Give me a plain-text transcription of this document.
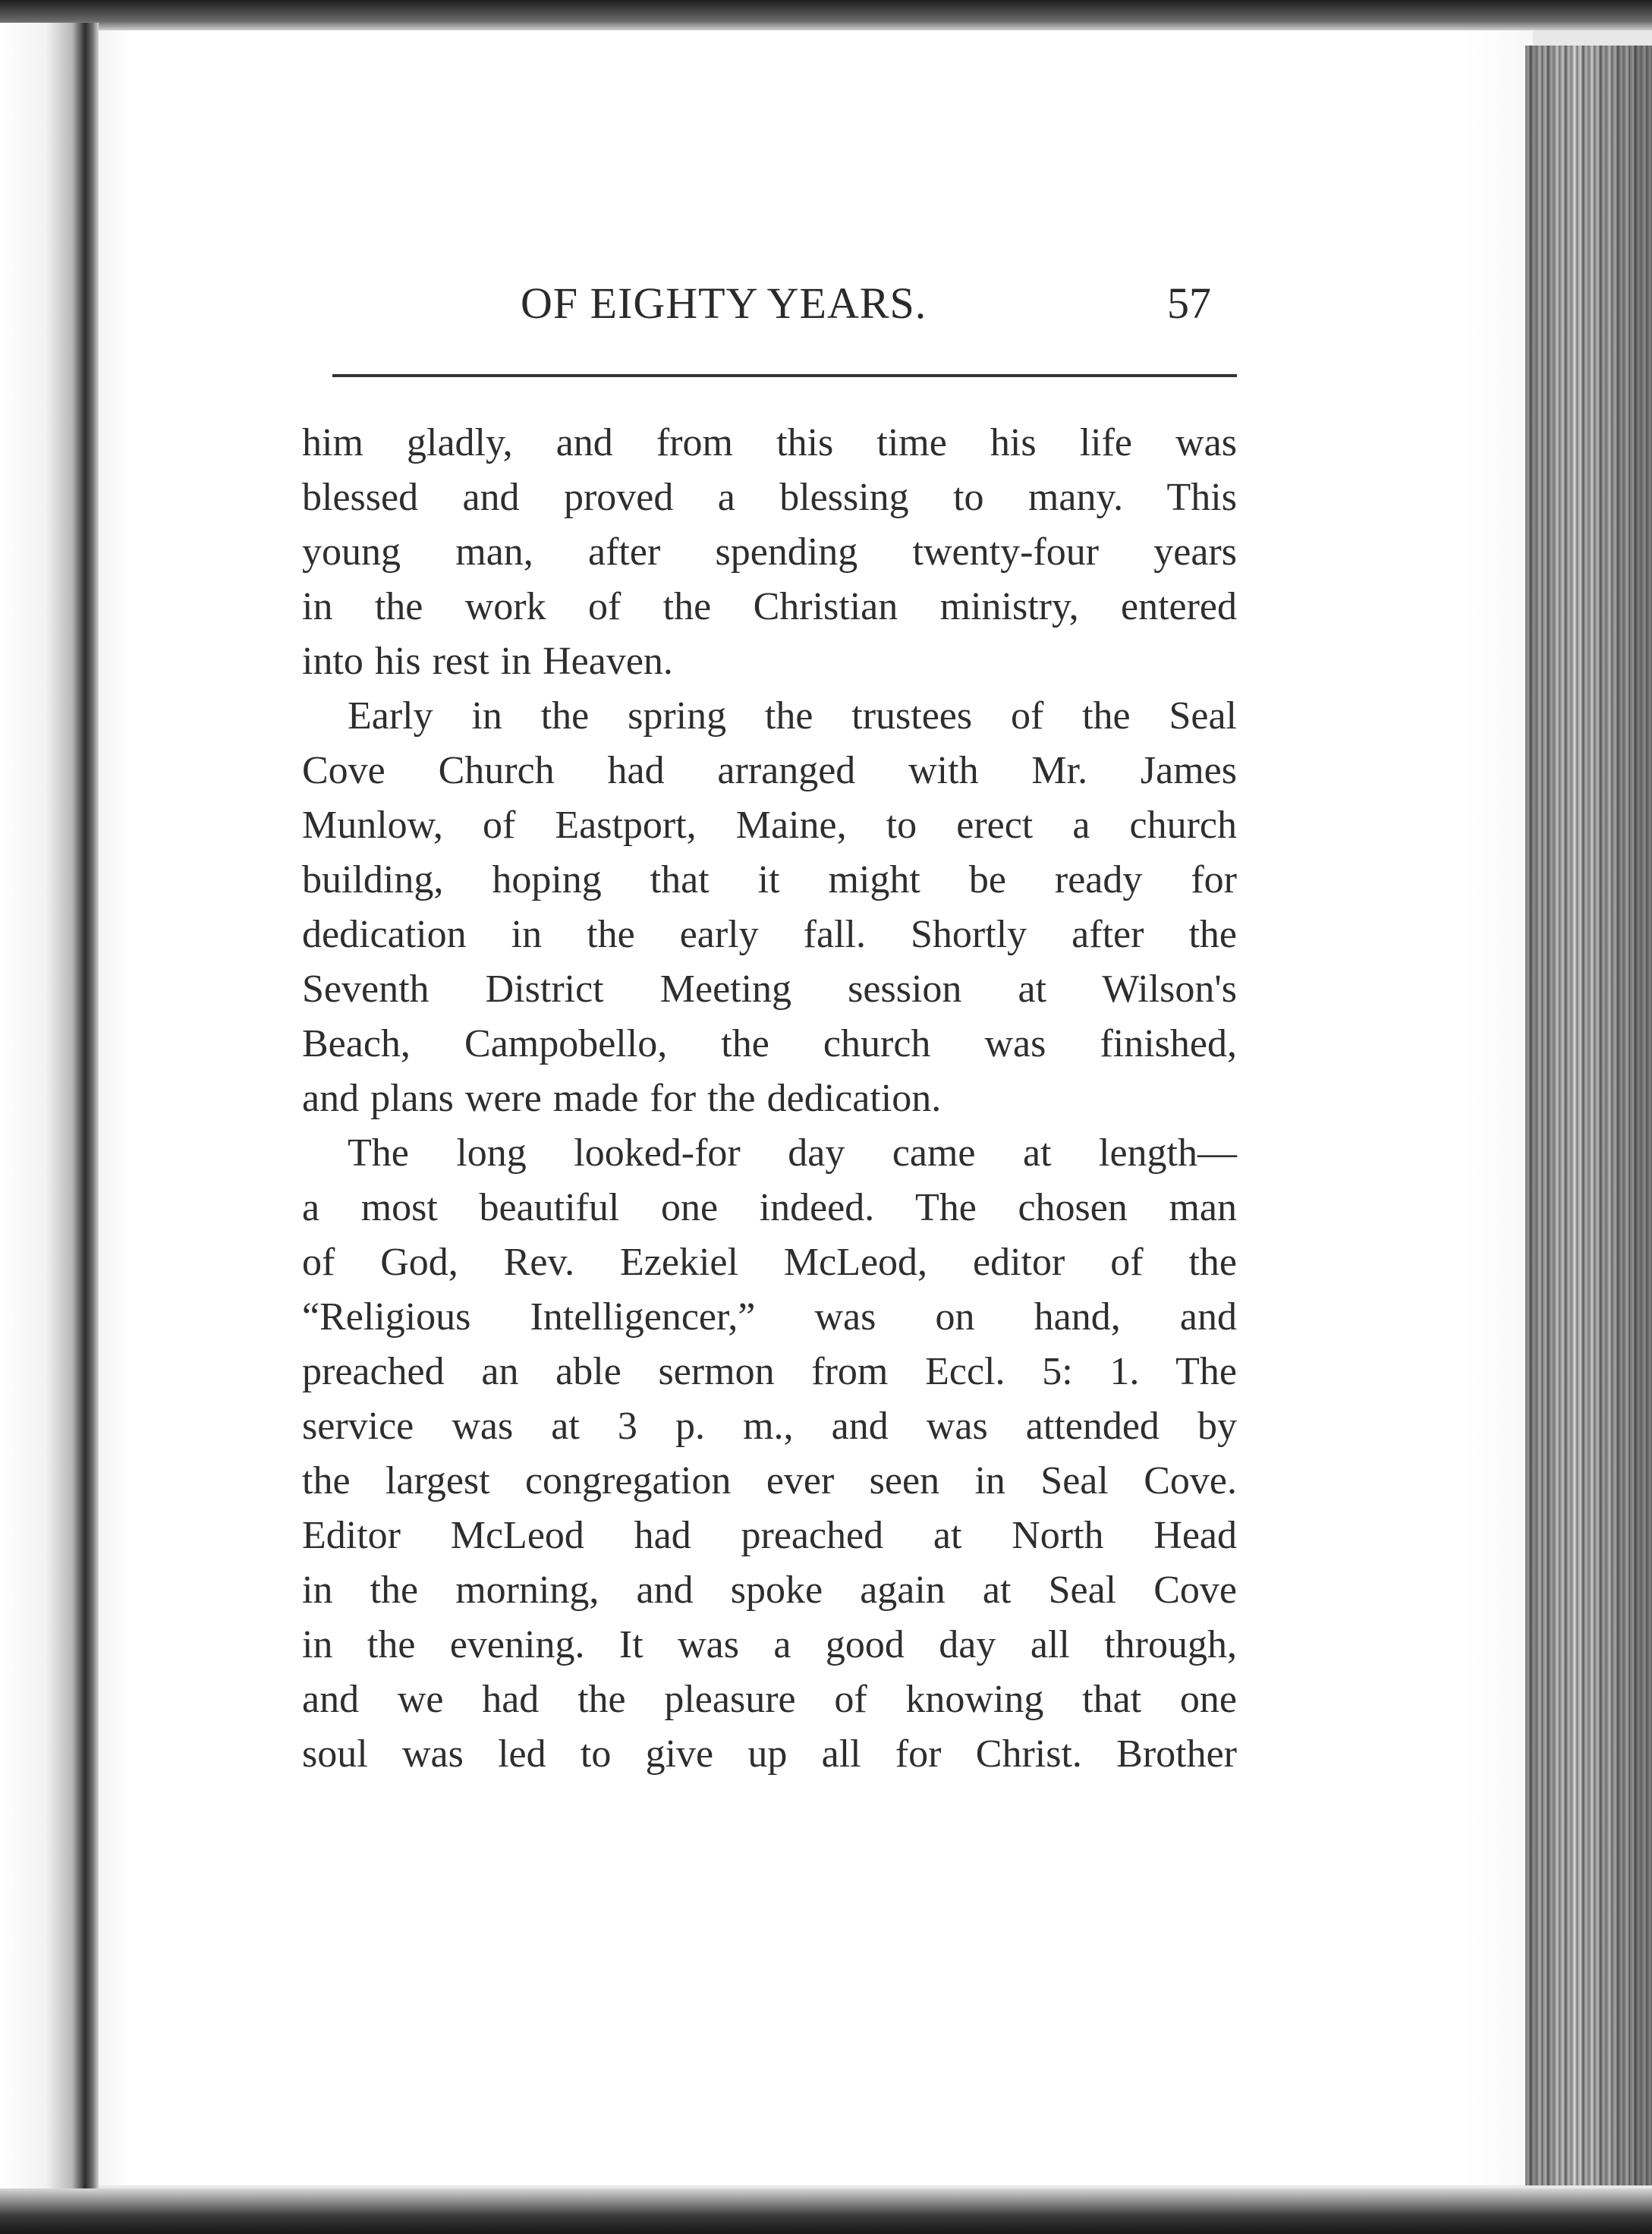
OF EIGHTY YEARS.	57
him gladly, and from this time his life was
blessed and proved a blessing to many. This
young man, after spending twenty-four years
in the work of the Christian ministry, entered
into his rest in Heaven.
Early in the spring the trustees of the Seal
Cove Church had arranged with Mr. James
Munlow, of Eastport, Maine, to erect a church
building, hoping that it might be ready for
dedication in the early fall. Shortly after the
Seventh District Meeting session at Wilson's
Beach, Campobello, the church was finished,
and plans were made for the dedication.
The long looked-for day came at length—
a most beautiful one indeed. The chosen man
of God, Rev. Ezekiel McLeod, editor of the
“Religious Intelligencer,” was on hand, and
preached an able sermon from Eccl. 5: 1. The
service was at 3 p. m., and was attended by
the largest congregation ever seen in Seal Cove.
Editor McLeod had preached at North Head
in the morning, and spoke again at Seal Cove
in the evening. It was a good day all through,
and we had the pleasure of knowing that one
soul was led to give up all for Christ. Brother
